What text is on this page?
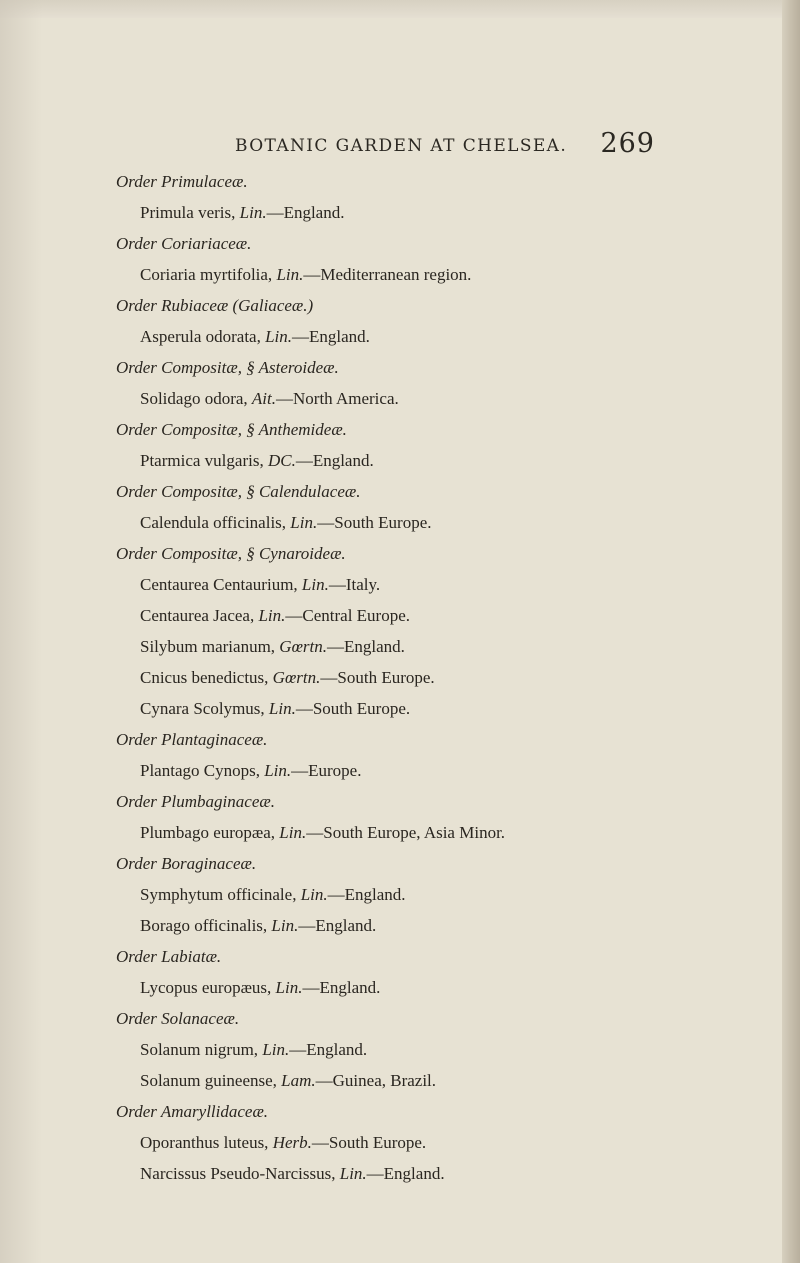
BOTANIC GARDEN AT CHELSEA. 269
Order Primulaceæ.
Primula veris, Lin.—England.
Order Coriariaceæ.
Coriaria myrtifolia, Lin.—Mediterranean region.
Order Rubiaceæ (Galiaceæ.)
Asperula odorata, Lin.—England.
Order Compositæ, § Asteroideæ.
Solidago odora, Ait.—North America.
Order Compositæ, § Anthemideæ.
Ptarmica vulgaris, DC.—England.
Order Compositæ, § Calendulaceæ.
Calendula officinalis, Lin.—South Europe.
Order Compositæ, § Cynaroideæ.
Centaurea Centaurium, Lin.—Italy.
Centaurea Jacea, Lin.—Central Europe.
Silybum marianum, Gœrtn.—England.
Cnicus benedictus, Gœrtn.—South Europe.
Cynara Scolymus, Lin.—South Europe.
Order Plantaginaceæ.
Plantago Cynops, Lin.—Europe.
Order Plumbaginaceæ.
Plumbago europæa, Lin.—South Europe, Asia Minor.
Order Boraginaceæ.
Symphytum officinale, Lin.—England.
Borago officinalis, Lin.—England.
Order Labiatæ.
Lycopus europæus, Lin.—England.
Order Solanaceæ.
Solanum nigrum, Lin.—England.
Solanum guineense, Lam.—Guinea, Brazil.
Order Amaryllidaceæ.
Oporanthus luteus, Herb.—South Europe.
Narcissus Pseudo-Narcissus, Lin.—England.
